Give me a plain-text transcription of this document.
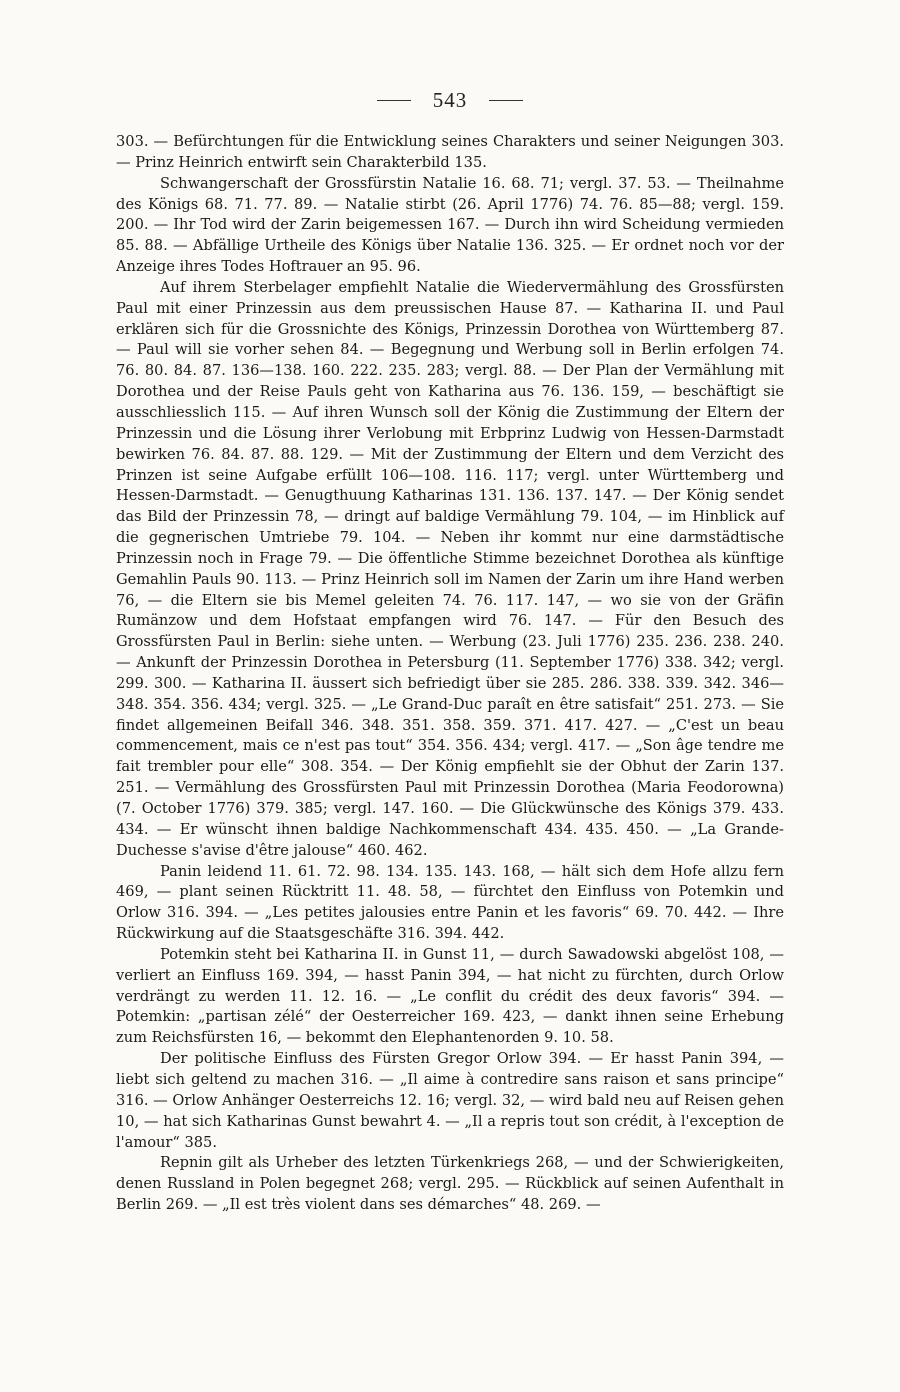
543

303. — Befürchtungen für die Entwicklung seines Charakters und seiner Neigungen 303. — Prinz Heinrich entwirft sein Charakterbild 135.

Schwangerschaft der Grossfürstin Natalie 16. 68. 71; vergl. 37. 53. — Theilnahme des Königs 68. 71. 77. 89. — Natalie stirbt (26. April 1776) 74. 76. 85—88; vergl. 159. 200. — Ihr Tod wird der Zarin beigemessen 167. — Durch ihn wird Scheidung vermieden 85. 88. — Abfällige Urtheile des Königs über Natalie 136. 325. — Er ordnet noch vor der Anzeige ihres Todes Hoftrauer an 95. 96.

Auf ihrem Sterbelager empfiehlt Natalie die Wiedervermählung des Grossfürsten Paul mit einer Prinzessin aus dem preussischen Hause 87. — Katharina II. und Paul erklären sich für die Grossnichte des Königs, Prinzessin Dorothea von Württemberg 87. — Paul will sie vorher sehen 84. — Begegnung und Werbung soll in Berlin erfolgen 74. 76. 80. 84. 87. 136—138. 160. 222. 235. 283; vergl. 88. — Der Plan der Vermählung mit Dorothea und der Reise Pauls geht von Katharina aus 76. 136. 159, — beschäftigt sie ausschliesslich 115. — Auf ihren Wunsch soll der König die Zustimmung der Eltern der Prinzessin und die Lösung ihrer Verlobung mit Erbprinz Ludwig von Hessen-Darmstadt bewirken 76. 84. 87. 88. 129. — Mit der Zustimmung der Eltern und dem Verzicht des Prinzen ist seine Aufgabe erfüllt 106—108. 116. 117; vergl. unter Württemberg und Hessen-Darmstadt. — Genugthuung Katharinas 131. 136. 137. 147. — Der König sendet das Bild der Prinzessin 78, — dringt auf baldige Vermählung 79. 104, — im Hinblick auf die gegnerischen Umtriebe 79. 104. — Neben ihr kommt nur eine darmstädtische Prinzessin noch in Frage 79. — Die öffentliche Stimme bezeichnet Dorothea als künftige Gemahlin Pauls 90. 113. — Prinz Heinrich soll im Namen der Zarin um ihre Hand werben 76, — die Eltern sie bis Memel geleiten 74. 76. 117. 147, — wo sie von der Gräfin Rumänzow und dem Hofstaat empfangen wird 76. 147. — Für den Besuch des Grossfürsten Paul in Berlin: siehe unten. — Werbung (23. Juli 1776) 235. 236. 238. 240. — Ankunft der Prinzessin Dorothea in Petersburg (11. September 1776) 338. 342; vergl. 299. 300. — Katharina II. äussert sich befriedigt über sie 285. 286. 338. 339. 342. 346—348. 354. 356. 434; vergl. 325. — „Le Grand-Duc paraît en être satisfait“ 251. 273. — Sie findet allgemeinen Beifall 346. 348. 351. 358. 359. 371. 417. 427. — „C'est un beau commencement, mais ce n'est pas tout“ 354. 356. 434; vergl. 417. — „Son âge tendre me fait trembler pour elle“ 308. 354. — Der König empfiehlt sie der Obhut der Zarin 137. 251. — Vermählung des Grossfürsten Paul mit Prinzessin Dorothea (Maria Feodorowna) (7. October 1776) 379. 385; vergl. 147. 160. — Die Glückwünsche des Königs 379. 433. 434. — Er wünscht ihnen baldige Nachkommenschaft 434. 435. 450. — „La Grande-Duchesse s'avise d'être jalouse“ 460. 462.

Panin leidend 11. 61. 72. 98. 134. 135. 143. 168, — hält sich dem Hofe allzu fern 469, — plant seinen Rücktritt 11. 48. 58, — fürchtet den Einfluss von Potemkin und Orlow 316. 394. — „Les petites jalousies entre Panin et les favoris“ 69. 70. 442. — Ihre Rückwirkung auf die Staatsgeschäfte 316. 394. 442.

Potemkin steht bei Katharina II. in Gunst 11, — durch Sawadowski abgelöst 108, — verliert an Einfluss 169. 394, — hasst Panin 394, — hat nicht zu fürchten, durch Orlow verdrängt zu werden 11. 12. 16. — „Le conflit du crédit des deux favoris“ 394. — Potemkin: „partisan zélé“ der Oesterreicher 169. 423, — dankt ihnen seine Erhebung zum Reichsfürsten 16, — bekommt den Elephantenorden 9. 10. 58.

Der politische Einfluss des Fürsten Gregor Orlow 394. — Er hasst Panin 394, — liebt sich geltend zu machen 316. — „Il aime à contredire sans raison et sans principe“ 316. — Orlow Anhänger Oesterreichs 12. 16; vergl. 32, — wird bald neu auf Reisen gehen 10, — hat sich Katharinas Gunst bewahrt 4. — „Il a repris tout son crédit, à l'exception de l'amour“ 385.

Repnin gilt als Urheber des letzten Türkenkriegs 268, — und der Schwierigkeiten, denen Russland in Polen begegnet 268; vergl. 295. — Rückblick auf seinen Aufenthalt in Berlin 269. — „Il est très violent dans ses démarches“ 48. 269. —
